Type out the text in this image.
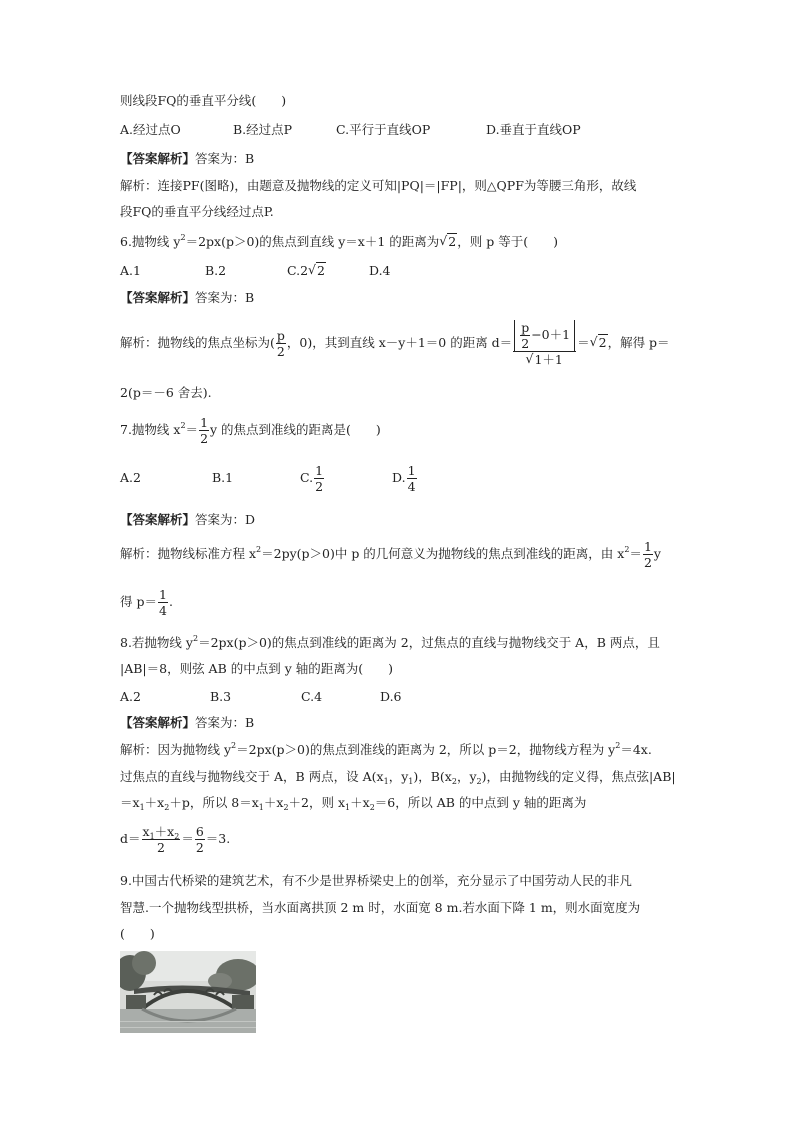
则线段FQ的垂直平分线(　　)
A.经过点O	B.经过点P	C.平行于直线OP	D.垂直于直线OP
【答案解析】答案为：B
解析：连接PF(图略)，由题意及抛物线的定义可知|PQ|＝|FP|，则△QPF为等腰三角形，故线
段FQ的垂直平分线经过点P.
6.抛物线 $y^2=2px(p>0)$的焦点到直线 y＝x＋1 的距离为 √ 2，则 p 等于(　　)
A.1	B.2	C.2 √ 2	D.4
【答案解析】答案为：B
解析：抛物线的焦点坐标为( $\frac{p}{2}$ ，0)，其到直线 x－y＋1＝0 的距离 $d= \frac{p}{2} -0+1$
√ 1＋1 ＝ √ 2，解得 p＝
2(p＝－6 舍去).
7.抛物线 $x^2= \frac{1}{2}$ y 的焦点到准线的距离是(　　)
A.2	B.1	C. $\frac{1}{2}$	D. $\frac{1}{4}$
【答案解析】答案为：D
解析：抛物线标准方程 $x^2=2py(p>0)$中 p 的几何意义为抛物线的焦点到准线的距离，由 $x^2= \frac{1}{2}$ y
得 $p= \frac{1}{4}$ .
8.若抛物线 $y^2=2px(p>0)$的焦点到准线的距离为 2，过焦点的直线与抛物线交于 A，B 两点，且
|AB|＝8，则弦 AB 的中点到 y 轴的距离为(　　)
A.2	B.3	C.4	D.6
【答案解析】答案为：B
解析：因为抛物线 $y^2=2px(p>0)$的焦点到准线的距离为 2，所以 p＝2，抛物线方程为 $y^2=4x$.
过焦点的直线与抛物线交于 A，B 两点，设 $A(x_1$，$y_1$)，$B(x_2$，$y_2$)，由抛物线的定义得，焦点弦|AB|
$=x_1+x_2+p$，所以 $8=x_1+x_2+2$，则 $x_1+x_2=6$，所以 AB 的中点到 y 轴的距离为
$d= \frac{x_1+x_2}{2} = \frac{6}{2} =3$.
9.中国古代桥梁的建筑艺术，有不少是世界桥梁史上的创举，充分显示了中国劳动人民的非凡
智慧.一个抛物线型拱桥，当水面离拱顶 2 m 时，水面宽 8 m.若水面下降 1 m，则水面宽度为
(　　)
